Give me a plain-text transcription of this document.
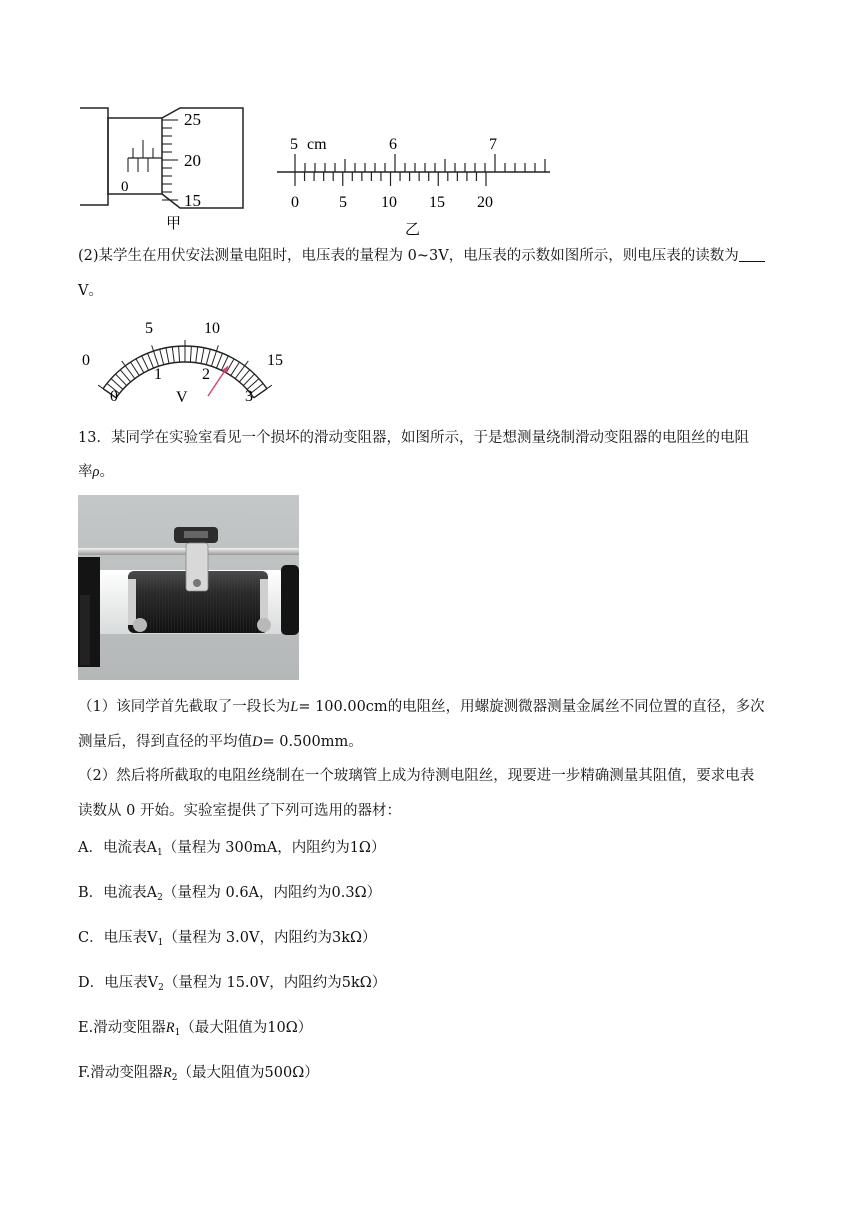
25
20
15
0
甲
5 cm	6	7
0	5 10 15 20
乙
(2)某学生在用伏安法测量电阻时，电压表的量程为 0~3V，电压表的示数如图所示，则电压表的读数为
V。
0
5	10
15
0
1	2
3
V
13．某同学在实验室看见一个损坏的滑动变阻器，如图所示，于是想测量绕制滑动变阻器的电阻丝的电阻
率ρ。
（1）该同学首先截取了一段长为L= 100.00cm的电阻丝，用螺旋测微器测量金属丝不同位置的直径，多次
测量后，得到直径的平均值D= 0.500mm。
（2）然后将所截取的电阻丝绕制在一个玻璃管上成为待测电阻丝，现要进一步精确测量其阻值，要求电表
读数从 0 开始。实验室提供了下列可选用的器材：
A．电流表$A_1$（量程为 300mA，内阻约为1Ω）
B．电流表$A_2$（量程为 0.6A，内阻约为0.3Ω）
C．电压表$V_1$（量程为 3.0V，内阻约为3kΩ）
D．电压表$V_2$（量程为 15.0V，内阻约为5kΩ）
E.滑动变阻器$R_1$（最大阻值为10Ω）
F.滑动变阻器$R_2$（最大阻值为500Ω）
